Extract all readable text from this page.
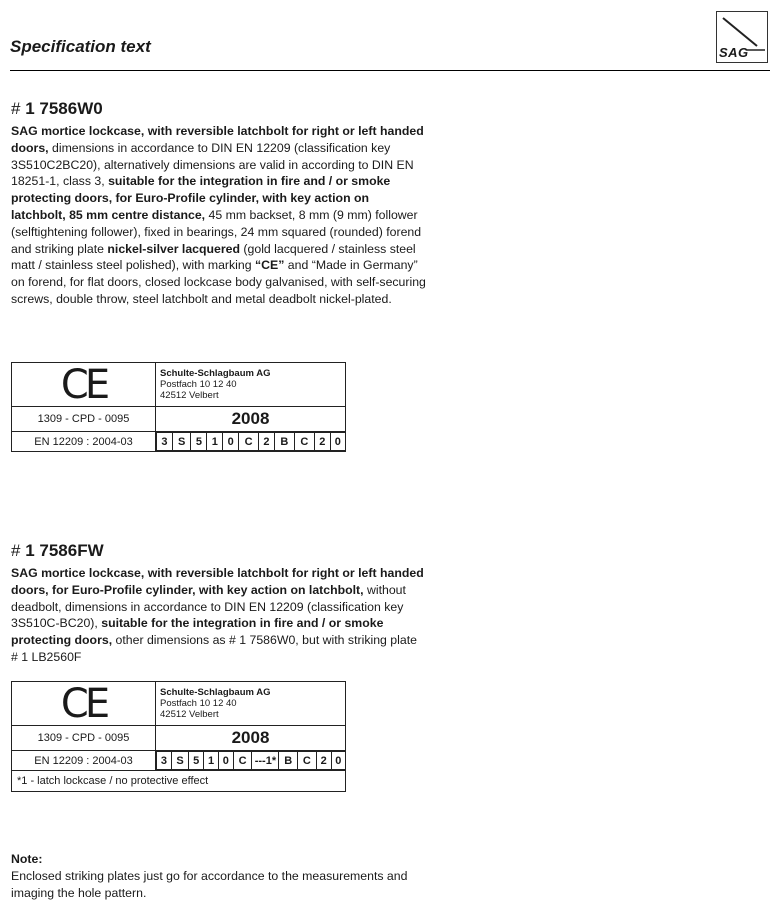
Specification text	SAG

# 1 7586W0

SAG mortice lockcase, with reversible latchbolt for right or left handed doors, dimensions in accordance to DIN EN 12209 (classification key 3S510C2BC20), alternatively dimensions are valid in according to DIN EN 18251-1, class 3, suitable for the integration in fire and / or smoke protecting doors, for Euro-Profile cylinder, with key action on latchbolt, 85 mm centre distance, 45 mm backset, 8 mm (9 mm) follower (selftightening follower), fixed in bearings, 24 mm squared (rounded) forend and striking plate nickel-silver lacquered (gold lacquered / stainless steel matt / stainless steel polished), with marking “CE” and “Made in Germany” on forend, for flat doors, closed lockcase body galvanised, with self-securing screws, double throw, steel latchbolt and metal deadbolt nickel-plated.

CE	Schulte-Schlagbaum AG
Postfach 10 12 40
42512 Velbert

1309 - CPD - 0095	2008
EN 12209 : 2004-03		3	S	5	1	0	C	2	B	C	2	0

# 1 7586FW

SAG mortice lockcase, with reversible latchbolt for right or left handed doors, for Euro-Profile cylinder, with key action on latchbolt, without deadbolt, dimensions in accordance to DIN EN 12209 (classification key 3S510C-BC20), suitable for the integration in fire and / or smoke protecting doors, other dimensions as # 1 7586W0, but with striking plate # 1 LB2560F

CE	Schulte-Schlagbaum AG
Postfach 10 12 40
42512 Velbert

1309 - CPD - 0095	2008
EN 12209 : 2004-03		3	S	5	1	0	C	---1*	B	C	2	0

*1 - latch lockcase / no protective effect
Note:
Enclosed striking plates just go for accordance to the measurements and imaging the hole pattern.
